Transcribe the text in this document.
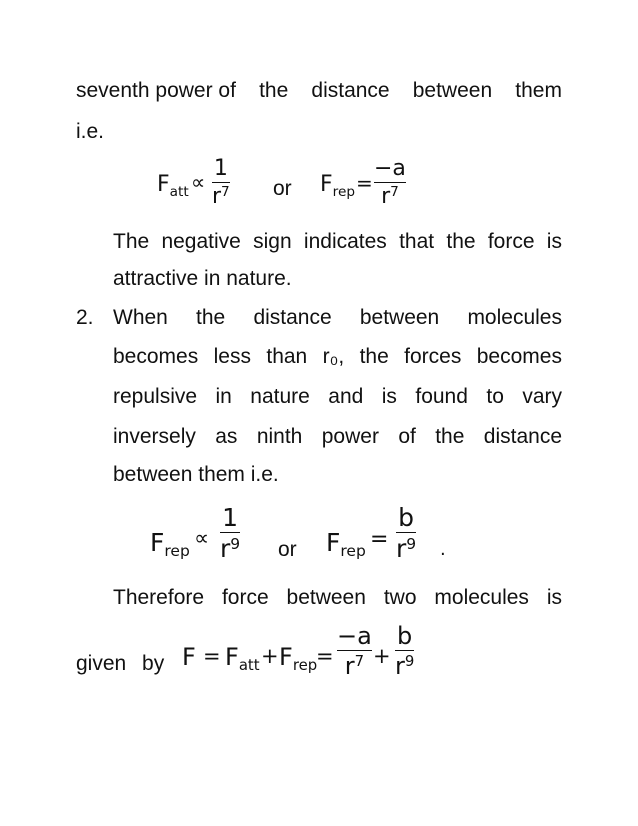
seventh power of the distance between them
i.e.
$F_{att}$ ∝
1
$r^7$ or $F_{rep}$ =
−a
$r^7$
The negative sign indicates that the force is
attractive in nature.
2. When the distance between molecules
becomes less than r₀, the forces becomes
repulsive in nature and is found to vary
inversely as ninth power of the distance
between them i.e.
$F_{rep}$
∝
1
$r^9$ or $F_{rep}$ =
b
$r^9$ .
Therefore force between two molecules is
given by $F = F_{att} + F_{rep}$
=
−a
$r^7$ +
b
$r^9$
